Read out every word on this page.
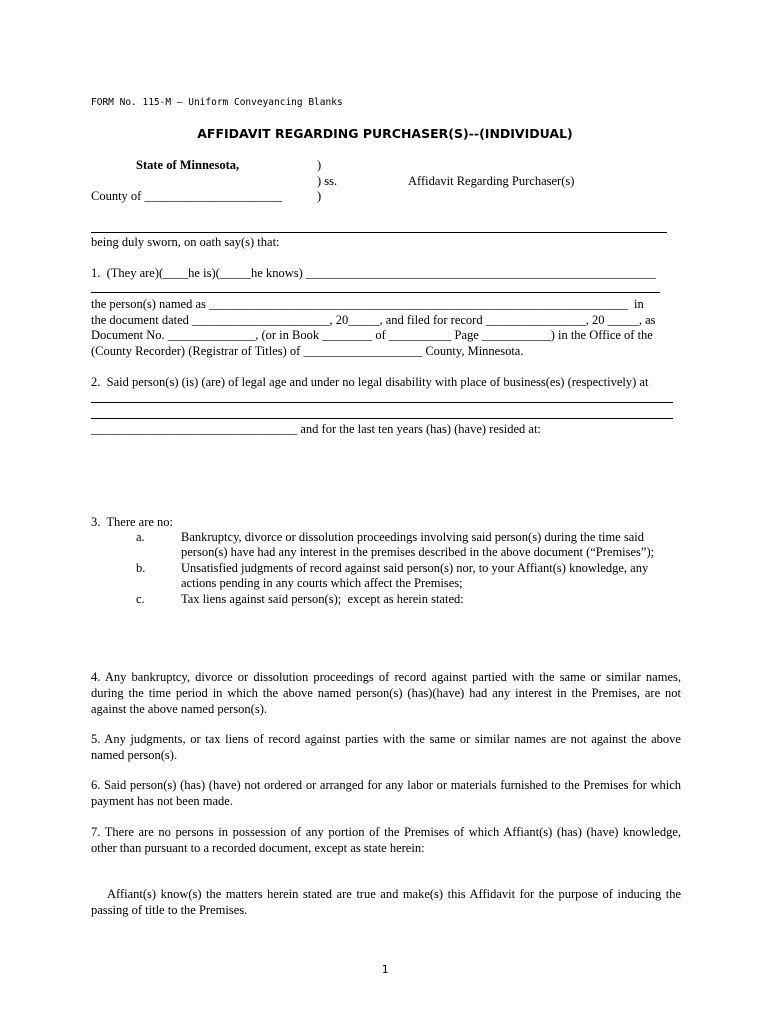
FORM No. 115-M – Uniform Conveyancing Blanks
AFFIDAVIT REGARDING PURCHASER(S)--(INDIVIDUAL)
State of Minnesota,	)
) ss.
)
County of ______________________
Affidavit Regarding Purchaser(s)
being duly sworn, on oath say(s) that:
1.  (They are)(____he is)(_____he knows) ________________________________________________________
the person(s) named as ___________________________________________________________________  in
the document dated ______________________, 20_____, and filed for record ________________, 20 _____, as
Document No. ______________, (or in Book ________ of __________ Page ___________) in the Office of the
(County Recorder) (Registrar of Titles) of ___________________ County, Minnesota.
2.  Said person(s) (is) (are) of legal age and under no legal disability with place of business(es) (respectively) at
_________________________________ and for the last ten years (has) (have) resided at:
3.  There are no:
a.	Bankruptcy, divorce or dissolution proceedings involving said person(s) during the time said
person(s) have had any interest in the premises described in the above document (“Premises”);
b.	Unsatisfied judgments of record against said person(s) nor, to your Affiant(s) knowledge, any
actions pending in any courts which affect the Premises;
c.	Tax liens against said person(s);  except as herein stated:
4. Any bankruptcy, divorce or dissolution proceedings of record against partied with the same or similar names, during the time period in which the above named person(s) (has)(have) had any interest in the Premises, are not against the above named person(s).
5. Any judgments, or tax liens of record against parties with the same or similar names are not against the above named person(s).
6. Said person(s) (has) (have) not ordered or arranged for any labor or materials furnished to the Premises for which payment has not been made.
7. There are no persons in possession of any portion of the Premises of which Affiant(s) (has) (have) knowledge, other than pursuant to a recorded document, except as state herein:
Affiant(s) know(s) the matters herein stated are true and make(s) this Affidavit for the purpose of inducing the passing of title to the Premises.
1
